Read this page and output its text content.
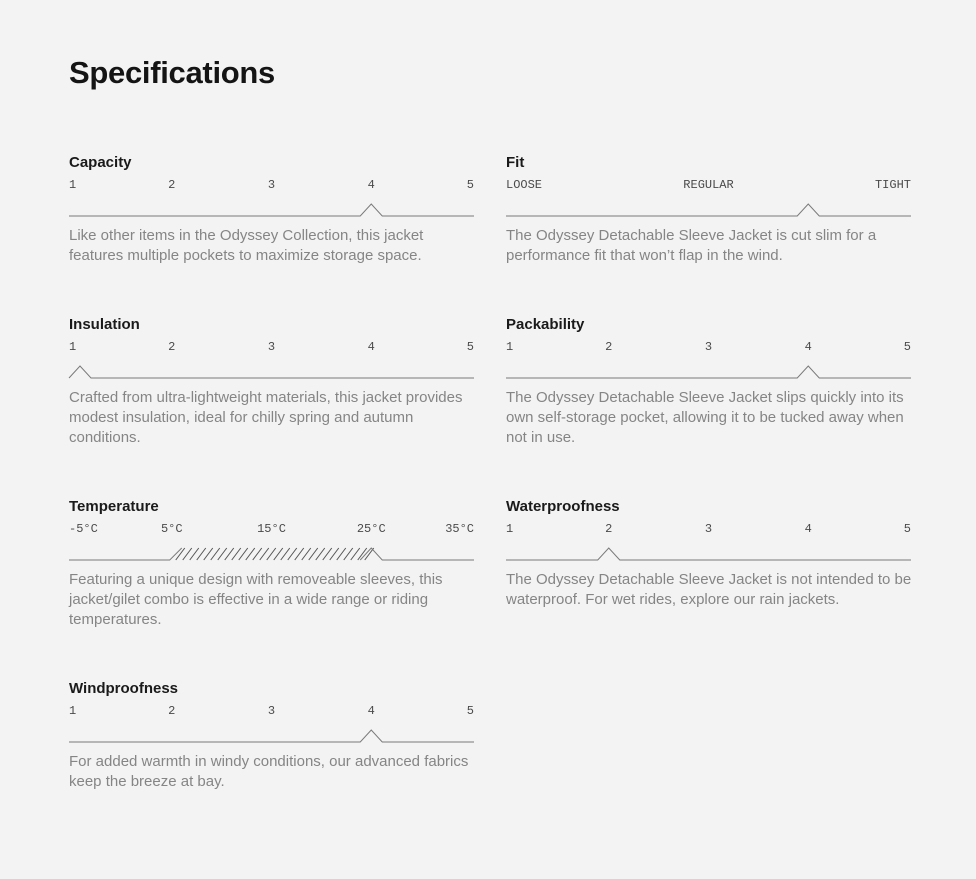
Specifications
Capacity
1	2	3	4	5

Like other items in the Odyssey Collection, this jacket features multiple pockets to maximize storage space.

Fit
LOOSE	REGULAR	TIGHT

The Odyssey Detachable Sleeve Jacket is cut slim for a performance fit that won’t flap in the wind.

Insulation
1	2	3	4	5

Crafted from ultra-lightweight materials, this jacket provides modest insulation, ideal for chilly spring and autumn conditions.

Packability
1	2	3	4	5

The Odyssey Detachable Sleeve Jacket slips quickly into its own self-storage pocket, allowing it to be tucked away when not in use.

Temperature
-5°C	5°C	15°C	25°C	35°C

Featuring a unique design with removeable sleeves, this jacket/gilet combo is effective in a wide range or riding temperatures.

Waterproofness
1	2	3	4	5

The Odyssey Detachable Sleeve Jacket is not intended to be waterproof. For wet rides, explore our rain jackets.

Windproofness
1	2	3	4	5

For added warmth in windy conditions, our advanced fabrics keep the breeze at bay.
